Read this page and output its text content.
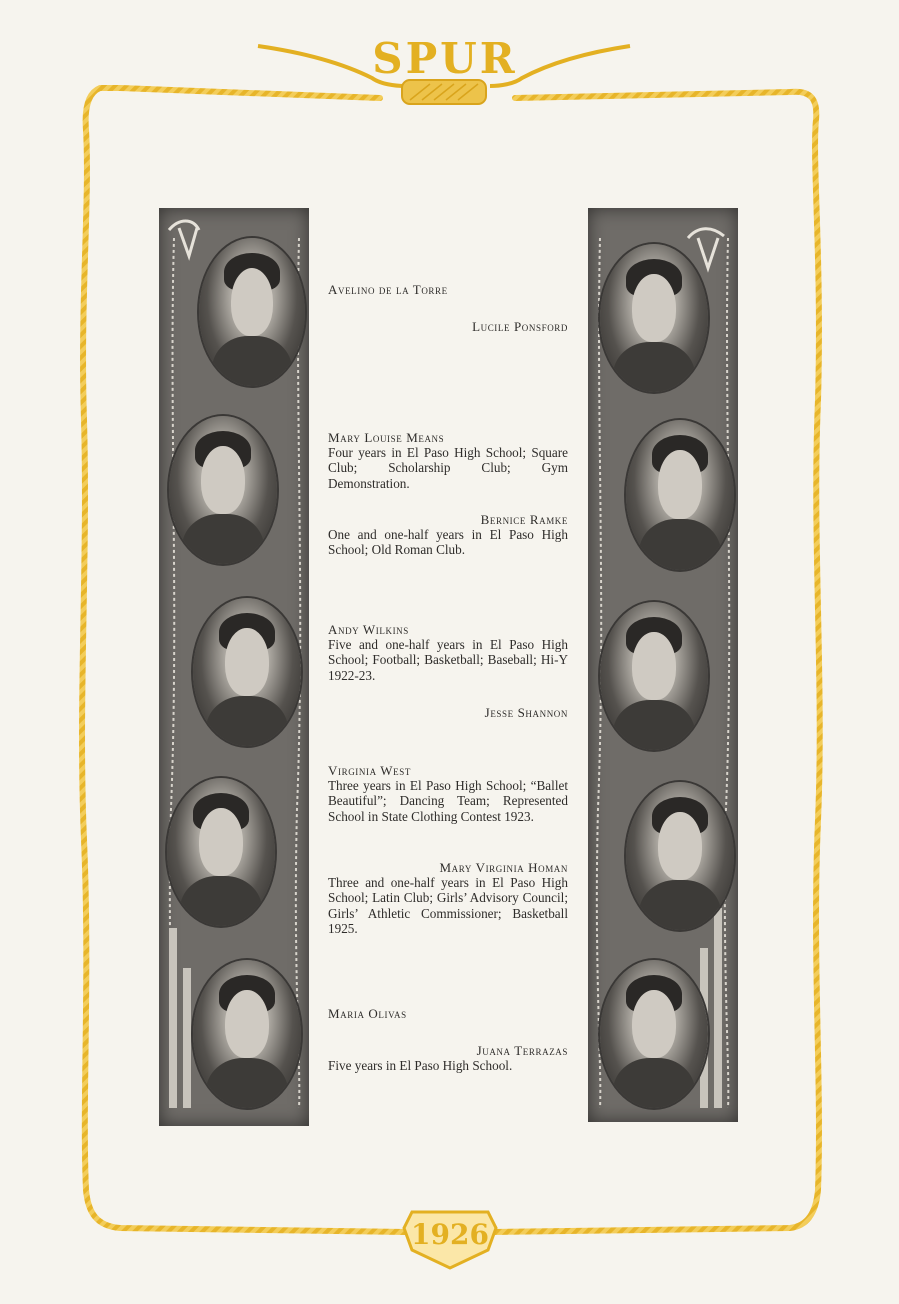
SPUR
1926
Avelino de la Torre
Lucile Ponsford
Mary Louise Means
Four years in El Paso High School; Square Club; Scholarship Club; Gym Demonstration.
Bernice Ramke
One and one-half years in El Paso High School; Old Roman Club.
Andy Wilkins
Five and one-half years in El Paso High School; Football; Basketball; Baseball; Hi-Y 1922-23.
Jesse Shannon
Virginia West
Three years in El Paso High School; “Ballet Beautiful”; Dancing Team; Represented School in State Clothing Contest 1923.
Mary Virginia Homan
Three and one-half years in El Paso High School; Latin Club; Girls’ Advisory Council; Girls’ Athletic Commissioner; Basketball 1925.
Maria Olivas
Juana Terrazas
Five years in El Paso High School.
